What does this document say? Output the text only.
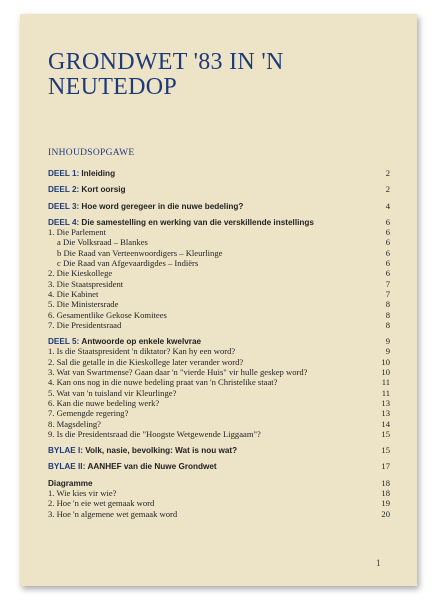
GRONDWET '83 IN 'N
NEUTEDOP
INHOUDSOPGAWE
DEEL 1: Inleiding	2
DEEL 2: Kort oorsig	2
DEEL 3: Hoe word geregeer in die nuwe bedeling?	4
DEEL 4: Die samestelling en werking van die verskillende instellings	6
1. Die Parlement	6
a Die Volksraad – Blankes	6
b Die Raad van Verteenwoordigers – Kleurlinge	6
c Die Raad van Afgevaardigdes – Indiërs	6
2. Die Kieskollege	6
3. Die Staatspresident	7
4. Die Kabinet	7
5. Die Ministersrade	8
6. Gesamentlike Gekose Komitees	8
7. Die Presidentsraad	8
DEEL 5: Antwoorde op enkele kwelvrae	9
1. Is die Staatspresident 'n diktator? Kan hy een word?	9
2. Sal die getalle in die Kieskollege later verander word?	10
3. Wat van Swartmense? Gaan daar 'n "vierde Huis" vir hulle geskep word?	10
4. Kan ons nog in die nuwe bedeling praat van 'n Christelike staat?	11
5. Wat van 'n tuisland vir Kleurlinge?	11
6. Kan die nuwe bedeling werk?	13
7. Gemengde regering?	13
8. Magsdeling?	14
9. Is die Presidentsraad die "Hoogste Wetgewende Liggaam"?	15
BYLAE I: Volk, nasie, bevolking: Wat is nou wat?	15
BYLAE II: AANHEF van die Nuwe Grondwet	17
Diagramme	18
1. Wie kies vir wie?	18
2. Hoe 'n eie wet gemaak word	19
3. Hoe 'n algemene wet gemaak word	20
1
